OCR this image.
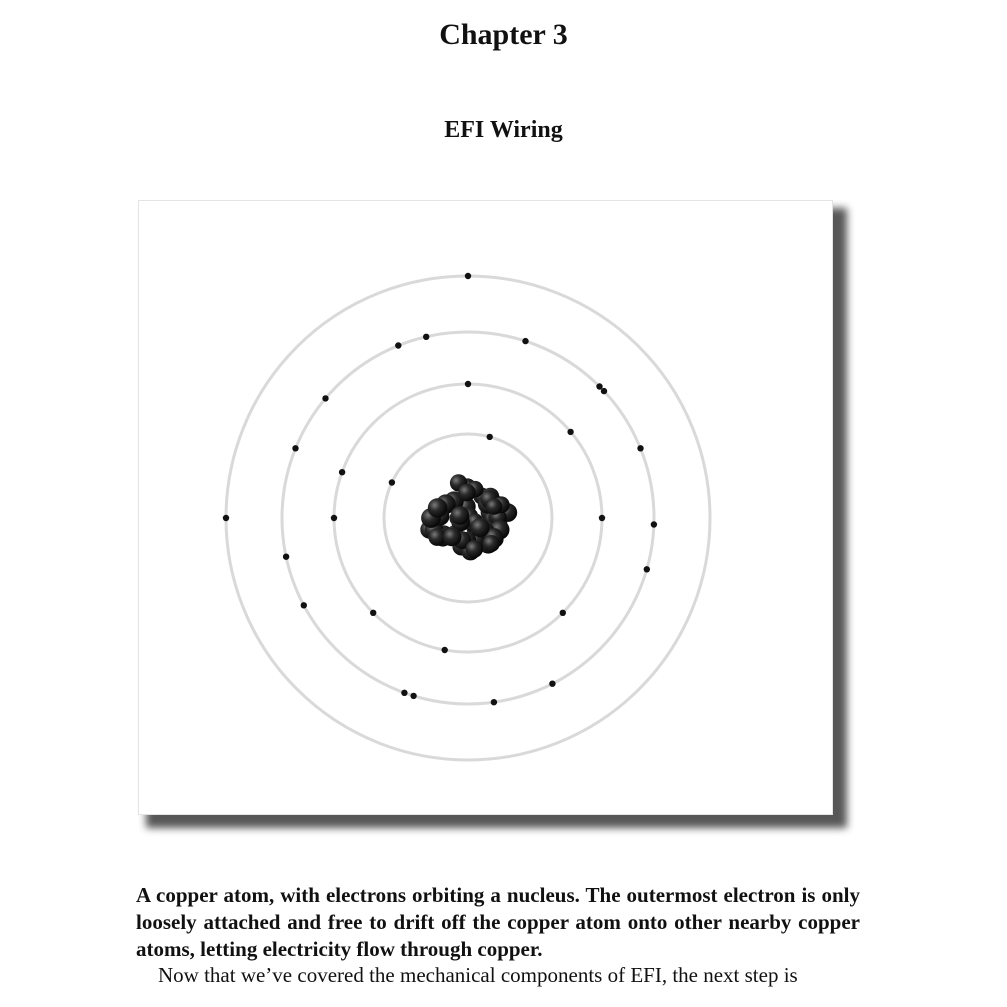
Chapter 3
EFI Wiring

A copper atom, with electrons orbiting a nucleus. The outermost electron is only loosely attached and free to drift off the copper atom onto other nearby copper atoms, letting electricity flow through copper.

Now that we’ve covered the mechanical components of EFI, the next step is
